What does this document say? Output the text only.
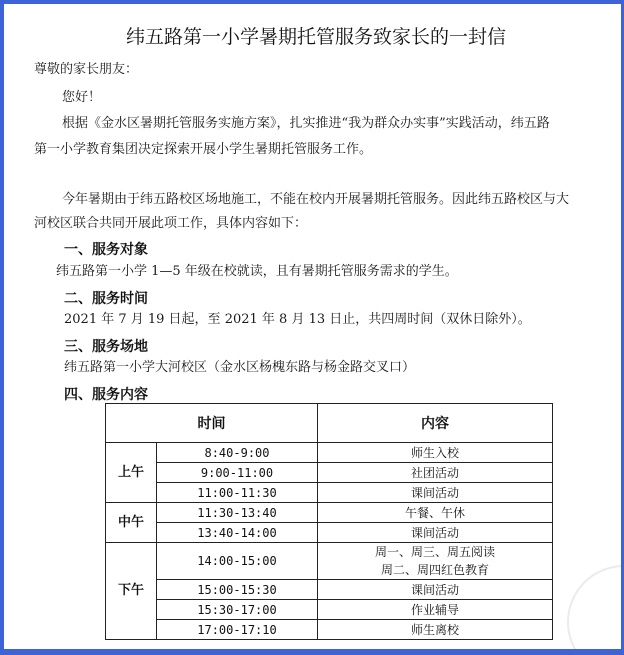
纬五路第一小学暑期托管服务致家长的一封信
尊敬的家长朋友：
您好！
根据《金水区暑期托管服务实施方案》，扎实推进“我为群众办实事”实践活动，纬五路
第一小学教育集团决定探索开展小学生暑期托管服务工作。
今年暑期由于纬五路校区场地施工，不能在校内开展暑期托管服务。因此纬五路校区与大
河校区联合共同开展此项工作，具体内容如下：
一、服务对象
纬五路第一小学 1—5 年级在校就读，且有暑期托管服务需求的学生。
二、服务时间
2021 年 7 月 19 日起，至 2021 年 8 月 13 日止，共四周时间（双休日除外）。
三、服务场地
纬五路第一小学大河校区（金水区杨槐东路与杨金路交叉口）
四、服务内容
时间		内容
上午	8:40-9:00	师生入校
	9:00-11:00	社团活动
	11:00-11:30	课间活动
中午	11:30-13:40	午餐、午休
	13:40-14:00	课间活动
下午	14:00-15:00	周一、周三、周五阅读
周二、周四红色教育

	15:00-15:30	课间活动
	15:30-17:00	作业辅导
	17:00-17:10	师生离校
